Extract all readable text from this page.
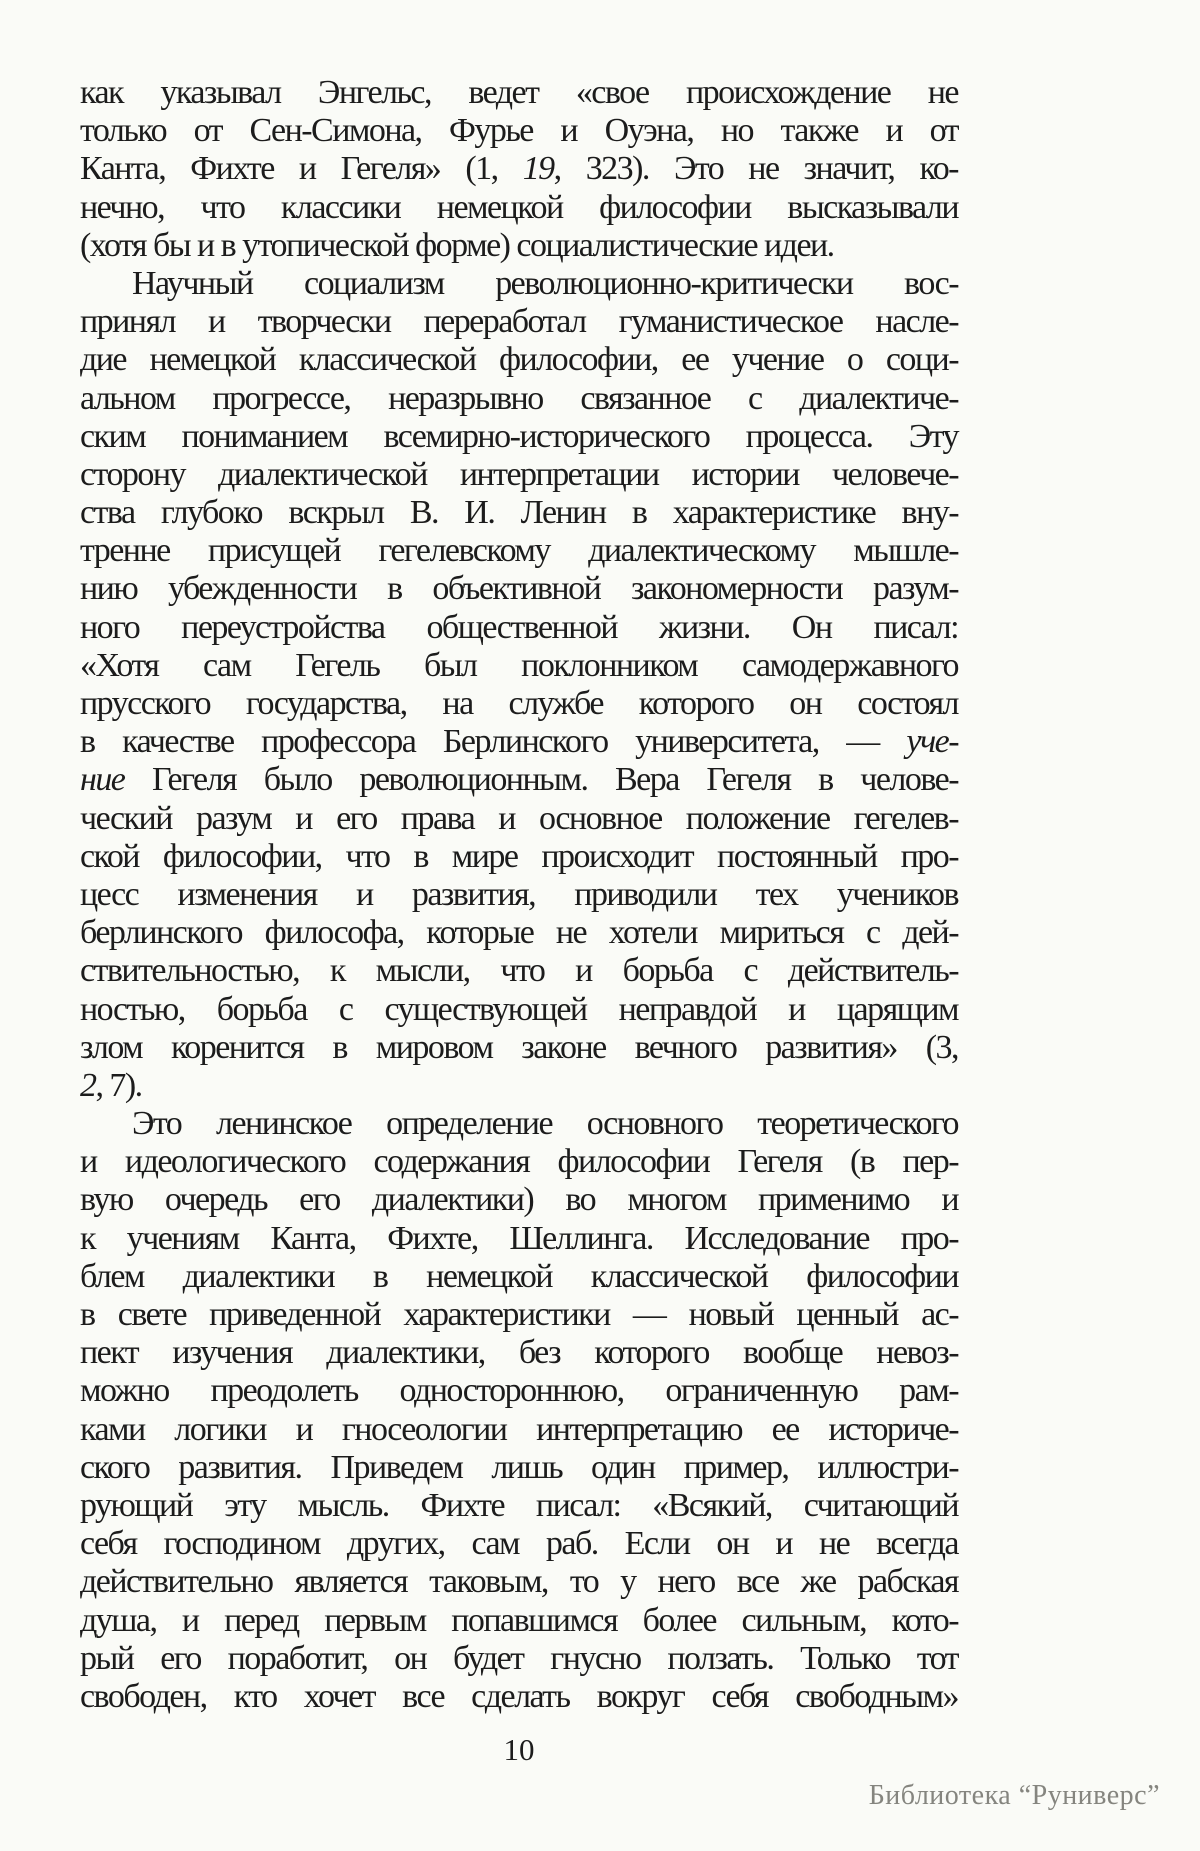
как указывал Энгельс, ведет «свое происхождение не
только от Сен-Симона, Фурье и Оуэна, но также и от
Канта, Фихте и Гегеля» (1, 19, 323). Это не значит, ко-
нечно, что классики немецкой философии высказывали
(хотя бы и в утопической форме) социалистические идеи.
Научный социализм революционно-критически вос-
принял и творчески переработал гуманистическое насле-
дие немецкой классической философии, ее учение о соци-
альном прогрессе, неразрывно связанное с диалектиче-
ским пониманием всемирно-исторического процесса. Эту
сторону диалектической интерпретации истории человече-
ства глубоко вскрыл В. И. Ленин в характеристике вну-
тренне присущей гегелевскому диалектическому мышле-
нию убежденности в объективной закономерности разум-
ного переустройства общественной жизни. Он писал:
«Хотя сам Гегель был поклонником самодержавного
прусского государства, на службе которого он состоял
в качестве профессора Берлинского университета, — уче-
ние Гегеля было революционным. Вера Гегеля в челове-
ческий разум и его права и основное положение гегелев-
ской философии, что в мире происходит постоянный про-
цесс изменения и развития, приводили тех учеников
берлинского философа, которые не хотели мириться с дей-
ствительностью, к мысли, что и борьба с действитель-
ностью, борьба с существующей неправдой и царящим
злом коренится в мировом законе вечного развития» (3,
2, 7).
Это ленинское определение основного теоретического
и идеологического содержания философии Гегеля (в пер-
вую очередь его диалектики) во многом применимо и
к учениям Канта, Фихте, Шеллинга. Исследование про-
блем диалектики в немецкой классической философии
в свете приведенной характеристики — новый ценный ас-
пект изучения диалектики, без которого вообще невоз-
можно преодолеть одностороннюю, ограниченную рам-
ками логики и гносеологии интерпретацию ее историче-
ского развития. Приведем лишь один пример, иллюстри-
рующий эту мысль. Фихте писал: «Всякий, считающий
себя господином других, сам раб. Если он и не всегда
действительно является таковым, то у него все же рабская
душа, и перед первым попавшимся более сильным, кото-
рый его поработит, он будет гнусно ползать. Только тот
свободен, кто хочет все сделать вокруг себя свободным»
10
Библиотека “Руниверс”
